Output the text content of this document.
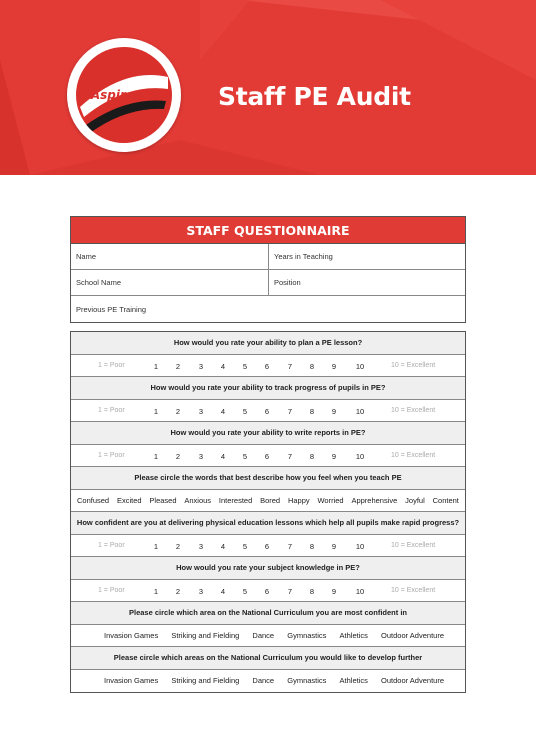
Aspire-ED Staff PE Audit
STAFF QUESTIONNAIRE
Name	Years in Teaching
School Name	Position
Previous PE Training
How would you rate your ability to plan a PE lesson?
1 = Poor	1	2	3	4	5	6	7	8	9	10	10 = Excellent
How would you rate your ability to track progress of pupils in PE?
1 = Poor	1	2	3	4	5	6	7	8	9	10	10 = Excellent
How would you rate your ability to write reports in PE?
1 = Poor	1	2	3	4	5	6	7	8	9	10	10 = Excellent
Please circle the words that best describe how you feel when you teach PE
Confused Excited Pleased Anxious Interested Bored Happy Worried Apprehensive Joyful Content
How confident are you at delivering physical education lessons which help all pupils make rapid progress?
1 = Poor	1	2	3	4	5	6	7	8	9	10	10 = Excellent
How would you rate your subject knowledge in PE?
1 = Poor	1	2	3	4	5	6	7	8	9	10	10 = Excellent
Please circle which area on the National Curriculum you are most confident in
Invasion Games Striking and Fielding Dance Gymnastics Athletics Outdoor Adventure
Please circle which areas on the National Curriculum you would like to develop further
Invasion Games Striking and Fielding Dance Gymnastics Athletics Outdoor Adventure
